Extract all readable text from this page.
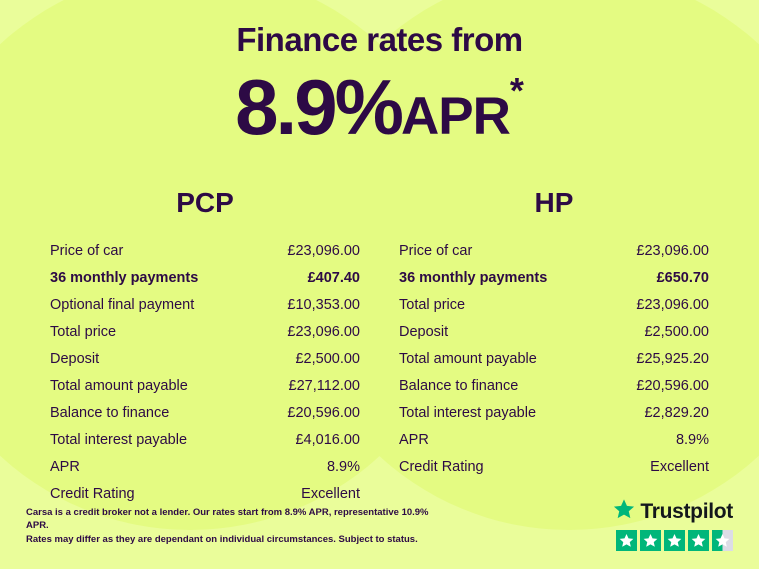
Finance rates from
8.9%APR*
PCP
Price of car	£23,096.00
36 monthly payments	£407.40
Optional final payment	£10,353.00
Total price	£23,096.00
Deposit	£2,500.00
Total amount payable	£27,112.00
Balance to finance	£20,596.00
Total interest payable	£4,016.00
APR	8.9%
Credit Rating	Excellent
HP
Price of car	£23,096.00
36 monthly payments	£650.70
Total price	£23,096.00
Deposit	£2,500.00
Total amount payable	£25,925.20
Balance to finance	£20,596.00
Total interest payable	£2,829.20
APR	8.9%
Credit Rating	Excellent
Carsa is a credit broker not a lender. Our rates start from 8.9% APR, representative 10.9% APR.
Rates may differ as they are dependant on individual circumstances. Subject to status.
Trustpilot
